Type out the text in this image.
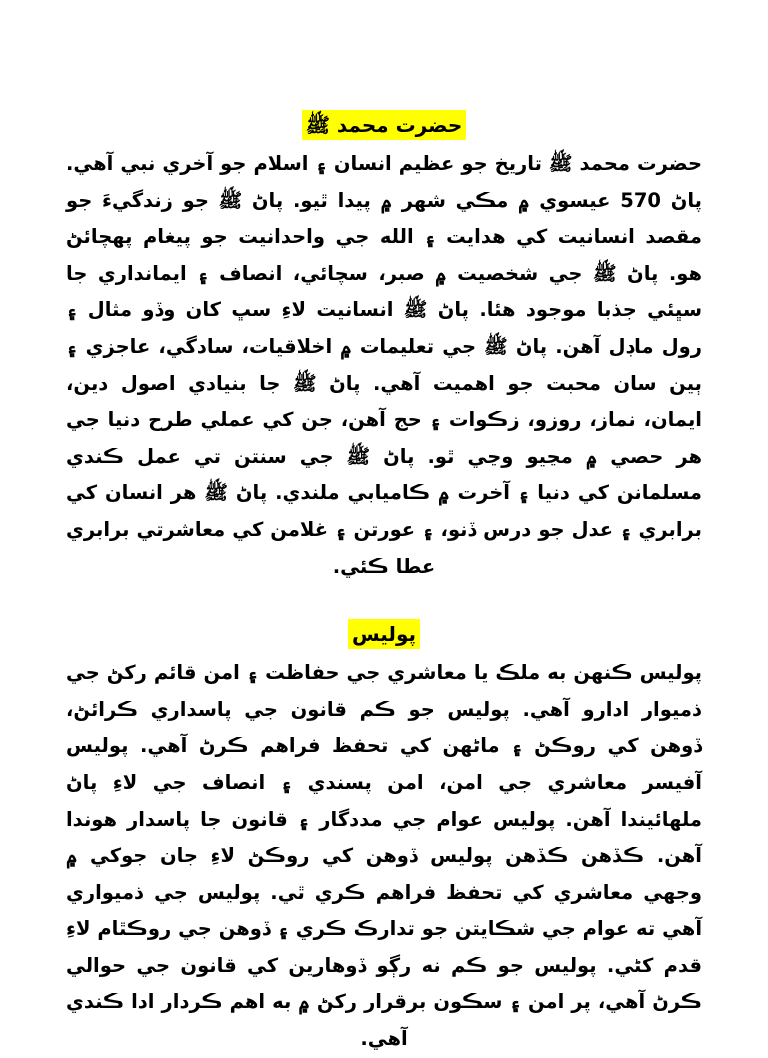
حضرت محمد ﷺ

حضرت محمد ﷺ تاريخ جو عظيم انسان ۽ اسلام جو آخري نبي آهي. پاڻ 570 عيسوي ۾ مڪي شهر ۾ پيدا ٿيو. پاڻ ﷺ جو زندگيءَ جو مقصد انسانيت کي هدايت ۽ الله جي واحدانيت جو پيغام پهچائڻ هو. پاڻ ﷺ جي شخصيت ۾ صبر، سچائي، انصاف ۽ ايمانداري جا سڀئي جذبا موجود هئا. پاڻ ﷺ انسانيت لاءِ سڀ کان وڏو مثال ۽ رول ماڊل آهن. پاڻ ﷺ جي تعليمات ۾ اخلاقيات، سادگي، عاجزي ۽ ٻين سان محبت جو اهميت آهي. پاڻ ﷺ جا بنيادي اصول دين، ايمان، نماز، روزو، زڪوات ۽ حج آهن، جن کي عملي طرح دنيا جي هر حصي ۾ مڃيو وڃي ٿو. پاڻ ﷺ جي سنتن تي عمل ڪندي مسلمانن کي دنيا ۽ آخرت ۾ ڪاميابي ملندي. پاڻ ﷺ هر انسان کي برابري ۽ عدل جو درس ڏنو، ۽ عورتن ۽ غلامن کي معاشرتي برابري عطا ڪئي.

پوليس

پوليس ڪنهن به ملڪ يا معاشري جي حفاظت ۽ امن قائم رکڻ جي ذميوار ادارو آهي. پوليس جو ڪم قانون جي پاسداري ڪرائڻ، ڏوهن کي روڪڻ ۽ ماڻهن کي تحفظ فراهم ڪرڻ آهي. پوليس آفيسر معاشري جي امن، امن پسندي ۽ انصاف جي لاءِ پاڻ ملهائيندا آهن. پوليس عوام جي مددگار ۽ قانون جا پاسدار هوندا آهن. ڪڏهن ڪڏهن پوليس ڏوهن کي روڪڻ لاءِ جان جوکي ۾ وجهي معاشري کي تحفظ فراهم ڪري ٿي. پوليس جي ذميواري آهي ته عوام جي شڪايتن جو تدارڪ ڪري ۽ ڏوهن جي روڪٿام لاءِ قدم کڻي. پوليس جو ڪم نه رڳو ڏوهارين کي قانون جي حوالي ڪرڻ آهي، پر امن ۽ سڪون برقرار رکڻ ۾ به اهم ڪردار ادا ڪندي آهي.
